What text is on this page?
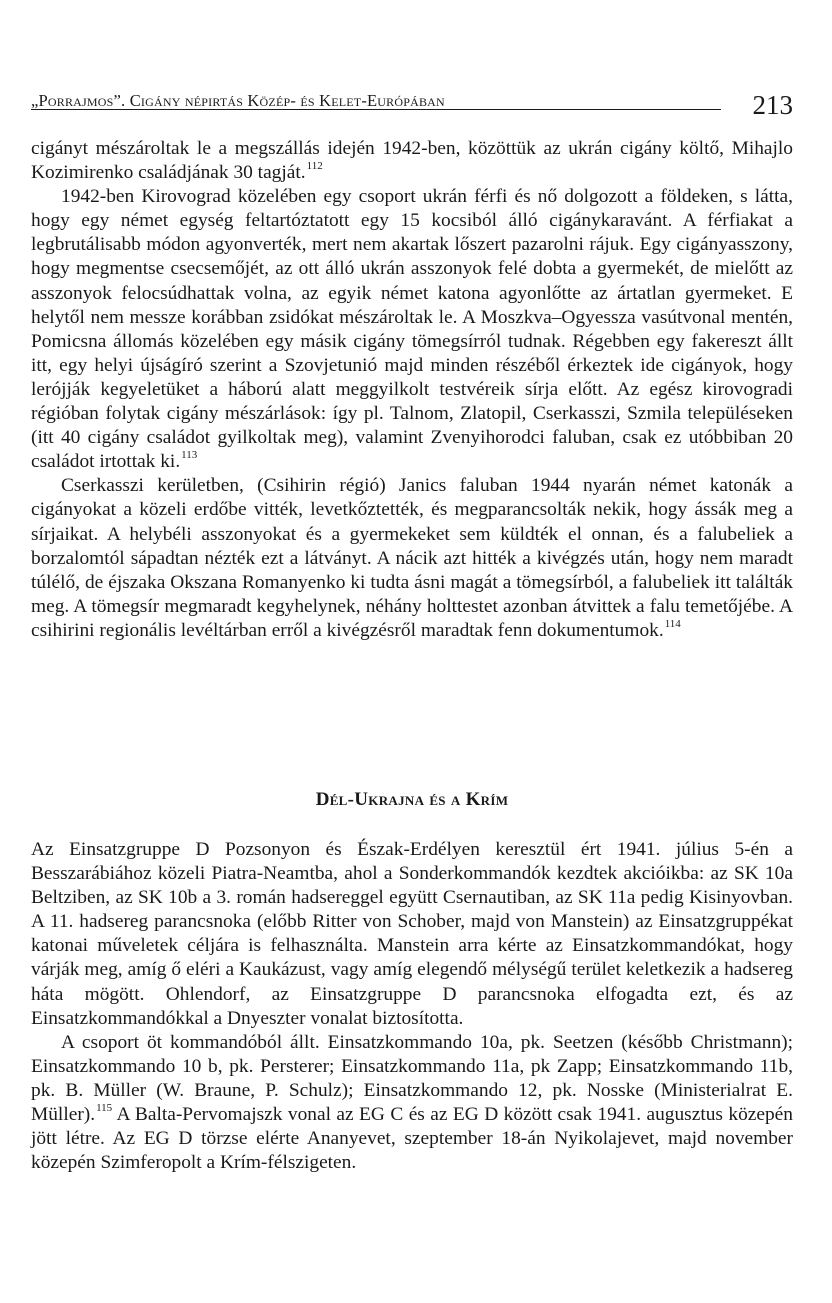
„Porrajmos”. Cigány népirtás Közép- és Kelet-Európában	213

cigányt mészároltak le a megszállás idején 1942-ben, közöttük az ukrán cigány költő, Mihajlo Kozimirenko családjának 30 tagját.$^{112}$

1942-ben Kirovograd közelében egy csoport ukrán férfi és nő dolgozott a földeken, s látta, hogy egy német egység feltartóztatott egy 15 kocsiból álló cigánykaravánt. A férfiakat a legbrutálisabb módon agyonverték, mert nem akartak lőszert pazarolni rájuk. Egy cigányasszony, hogy megmentse csecsemőjét, az ott álló ukrán asszonyok felé dobta a gyermekét, de mielőtt az asszonyok felocsúdhattak volna, az egyik német katona agyonlőtte az ártatlan gyermeket. E helytől nem messze korábban zsidókat mészároltak le. A Moszkva–Ogyessza vasútvonal mentén, Pomicsna állomás közelében egy másik cigány tömegsírról tudnak. Régebben egy fakereszt állt itt, egy helyi újságíró szerint a Szovjetunió majd minden részéből érkeztek ide cigányok, hogy lerójják kegyeletüket a háború alatt meggyilkolt testvéreik sírja előtt. Az egész kirovogradi régióban folytak cigány mészárlások: így pl. Talnom, Zlatopil, Cserkasszi, Szmila településeken (itt 40 cigány családot gyilkoltak meg), valamint Zvenyihorodci faluban, csak ez utóbbiban 20 családot irtottak ki.$^{113}$

Cserkasszi kerületben, (Csihirin régió) Janics faluban 1944 nyarán német katonák a cigányokat a közeli erdőbe vitték, levetkőztették, és megparancsolták nekik, hogy ássák meg a sírjaikat. A helybéli asszonyokat és a gyermekeket sem küldték el onnan, és a falubeliek a borzalomtól sápadtan nézték ezt a látványt. A nácik azt hitték a kivégzés után, hogy nem maradt túlélő, de éjszaka Okszana Romanyenko ki tudta ásni magát a tömegsírból, a falubeliek itt találták meg. A tömegsír megmaradt kegyhelynek, néhány holttestet azonban átvittek a falu temetőjébe. A csihirini regionális levéltárban erről a kivégzésről maradtak fenn dokumentumok.$^{114}$

Dél-Ukrajna és a Krím

Az Einsatzgruppe D Pozsonyon és Észak-Erdélyen keresztül ért 1941. július 5-én a Besszarábiához közeli Piatra-Neamtba, ahol a Sonderkommandók kezdtek akcióikba: az SK 10a Beltziben, az SK 10b a 3. román hadsereggel együtt Csernautiban, az SK 11a pedig Kisinyovban. A 11. hadsereg parancsnoka (előbb Ritter von Schober, majd von Manstein) az Einsatzgruppékat katonai műveletek céljára is felhasználta. Manstein arra kérte az Einsatzkommandókat, hogy várják meg, amíg ő eléri a Kaukázust, vagy amíg elegendő mélységű terület keletkezik a hadsereg háta mögött. Ohlendorf, az Einsatzgruppe D parancsnoka elfogadta ezt, és az Einsatzkommandókkal a Dnyeszter vonalat biztosította.

A csoport öt kommandóból állt. Einsatzkommando 10a, pk. Seetzen (később Christmann); Einsatzkommando 10 b, pk. Persterer; Einsatzkommando 11a, pk Zapp; Einsatzkommando 11b, pk. B. Müller (W. Braune, P. Schulz); Einsatzkommando 12, pk. Nosske (Ministerialrat E. Müller).$^{115}$ A Balta-Pervomajszk vonal az EG C és az EG D között csak 1941. augusztus közepén jött létre. Az EG D törzse elérte Ananyevet, szeptember 18-án Nyikolajevet, majd november közepén Szimferopolt a Krím-félszigeten.
